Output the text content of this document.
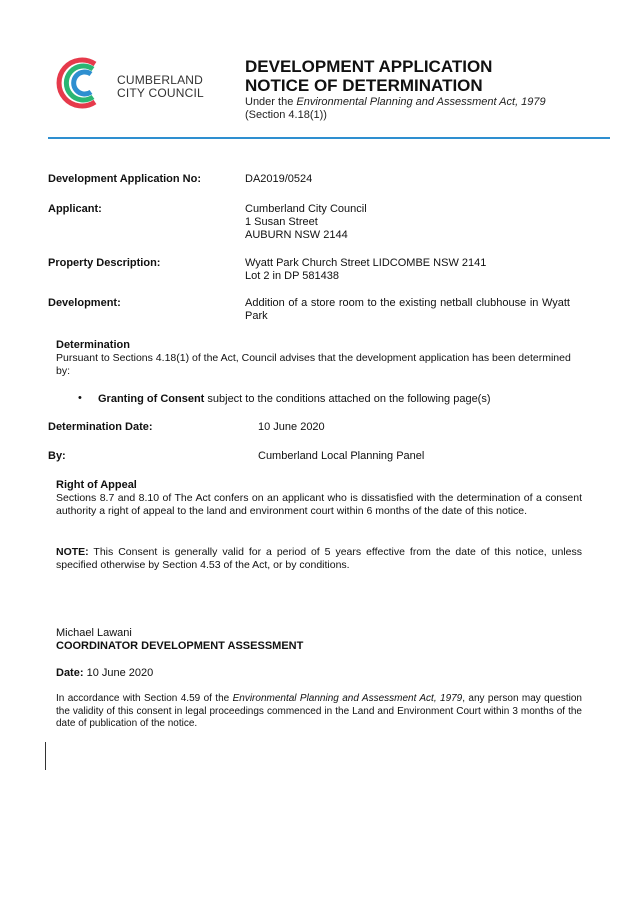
CUMBERLAND
CITY COUNCIL
DEVELOPMENT APPLICATION
NOTICE OF DETERMINATION
Under the Environmental Planning and Assessment Act, 1979
(Section 4.18(1))
Development Application No:	DA2019/0524
Applicant:	Cumberland City Council
1 Susan Street
AUBURN NSW 2144
Property Description:	Wyatt Park Church Street LIDCOMBE NSW 2141
Lot 2 in DP 581438
Development:	Addition of a store room to the existing netball clubhouse in Wyatt Park
Determination
Pursuant to Sections 4.18(1) of the Act, Council advises that the development application has been determined by:
• Granting of Consent subject to the conditions attached on the following page(s)
Determination Date:	10 June 2020
By:	Cumberland Local Planning Panel
Right of Appeal
Sections 8.7 and 8.10 of The Act confers on an applicant who is dissatisfied with the determination of a consent authority a right of appeal to the land and environment court within 6 months of the date of this notice.
NOTE: This Consent is generally valid for a period of 5 years effective from the date of this notice, unless specified otherwise by Section 4.53 of the Act, or by conditions.
Michael Lawani
COORDINATOR DEVELOPMENT ASSESSMENT
Date: 10 June 2020
In accordance with Section 4.59 of the Environmental Planning and Assessment Act, 1979, any person may question the validity of this consent in legal proceedings commenced in the Land and Environment Court within 3 months of the date of publication of the notice.
